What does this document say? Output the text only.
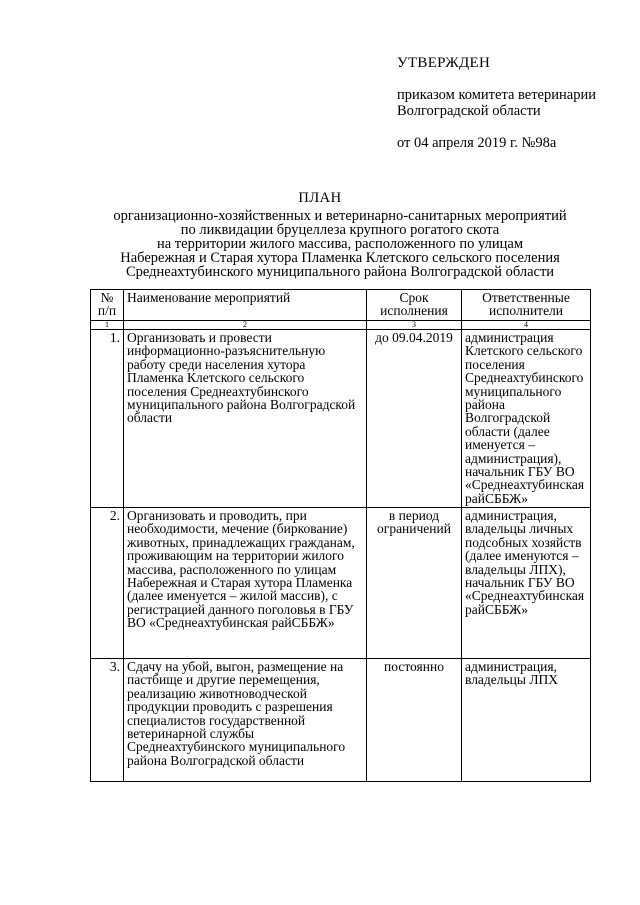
УТВЕРЖДЕН
приказом комитета ветеринарии
Волгоградской области
от 04 апреля 2019 г. №98а
ПЛАН
организационно-хозяйственных и ветеринарно-санитарных мероприятий
по ликвидации бруцеллеза крупного рогатого скота
на территории жилого массива, расположенного по улицам
Набережная и Старая хутора Пламенка Клетского сельского поселения
Среднеахтубинского муниципального района Волгоградской области
№ п/п	Наименование мероприятий	Срок исполнения	Ответственные исполнители
1	2	3	4
1.	Организовать и провести информационно-разъяснительную работу среди населения хутора Пламенка Клетского сельского поселения Среднеахтубинского муниципального района Волгоградской области	до 09.04.2019	администрация Клетского сельского поселения Среднеахтубинского муниципального района Волгоградской области (далее именуется – администрация), начальник ГБУ ВО «Среднеахтубинская райСББЖ»
2.	Организовать и проводить, при необходимости, мечение (биркование) животных, принадлежащих гражданам, проживающим на территории жилого массива, расположенного по улицам Набережная и Старая хутора Пламенка (далее именуется – жилой массив), с регистрацией данного поголовья в ГБУ ВО «Среднеахтубинская райСББЖ»	в период ограничений	администрация, владельцы личных подсобных хозяйств (далее именуются – владельцы ЛПХ), начальник ГБУ ВО «Среднеахтубинская райСББЖ»
3.	Сдачу на убой, выгон, размещение на пастбище и другие перемещения, реализацию животноводческой продукции проводить с разрешения специалистов государственной ветеринарной службы Среднеахтубинского муниципального района Волгоградской области	постоянно	администрация, владельцы ЛПХ
